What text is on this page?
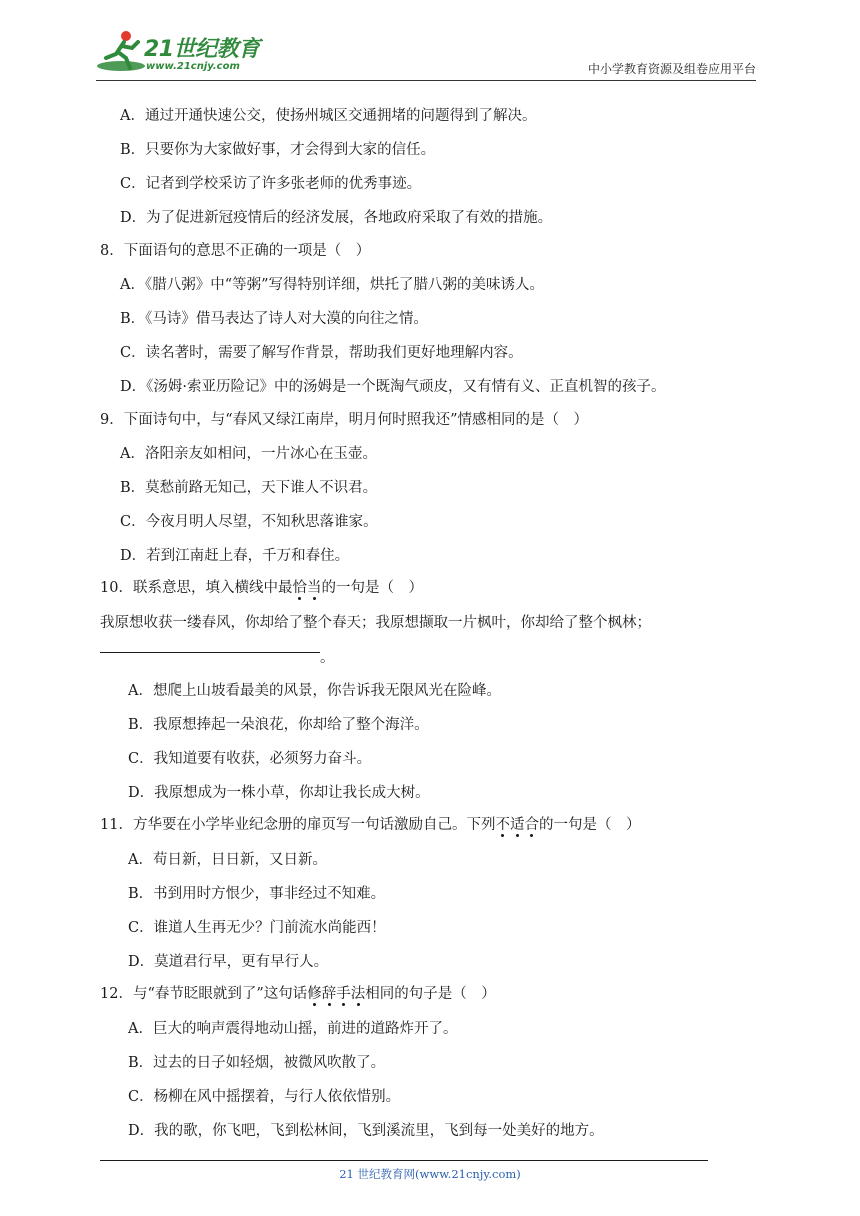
21世纪教育
www.21cnjy.com	中小学教育资源及组卷应用平台
A．通过开通快速公交，使扬州城区交通拥堵的问题得到了解决。
B．只要你为大家做好事，才会得到大家的信任。
C．记者到学校采访了许多张老师的优秀事迹。
D．为了促进新冠疫情后的经济发展，各地政府采取了有效的措施。
8．下面语句的意思不正确的一项是（　）
A．《腊八粥》中“等粥”写得特别详细，烘托了腊八粥的美味诱人。
B．《马诗》借马表达了诗人对大漠的向往之情。
C．读名著时，需要了解写作背景，帮助我们更好地理解内容。
D．《汤姆·索亚历险记》中的汤姆是一个既淘气顽皮，又有情有义、正直机智的孩子。
9．下面诗句中，与“春风又绿江南岸，明月何时照我还”情感相同的是（　）
A．洛阳亲友如相问，一片冰心在玉壶。
B．莫愁前路无知己，天下谁人不识君。
C．今夜月明人尽望，不知秋思落谁家。
D．若到江南赶上春，千万和春住。
10．联系意思，填入横线中最恰当的一句是（　）
我原想收获一缕春风，你却给了整个春天；我原想撷取一片枫叶，你却给了整个枫林；
。
A．想爬上山坡看最美的风景，你告诉我无限风光在险峰。
B．我原想捧起一朵浪花，你却给了整个海洋。
C．我知道要有收获，必须努力奋斗。
D．我原想成为一株小草，你却让我长成大树。
11．方华要在小学毕业纪念册的扉页写一句话激励自己。下列不适合的一句是（　）
A．苟日新，日日新，又日新。
B．书到用时方恨少，事非经过不知难。
C．谁道人生再无少？门前流水尚能西！
D．莫道君行早，更有早行人。
12．与“春节眨眼就到了”这句话修辞手法相同的句子是（　）
A．巨大的响声震得地动山摇，前进的道路炸开了。
B．过去的日子如轻烟，被微风吹散了。
C．杨柳在风中摇摆着，与行人依依惜别。
D．我的歌，你飞吧，飞到松林间，飞到溪流里，飞到每一处美好的地方。
21 世纪教育网(www.21cnjy.com)
